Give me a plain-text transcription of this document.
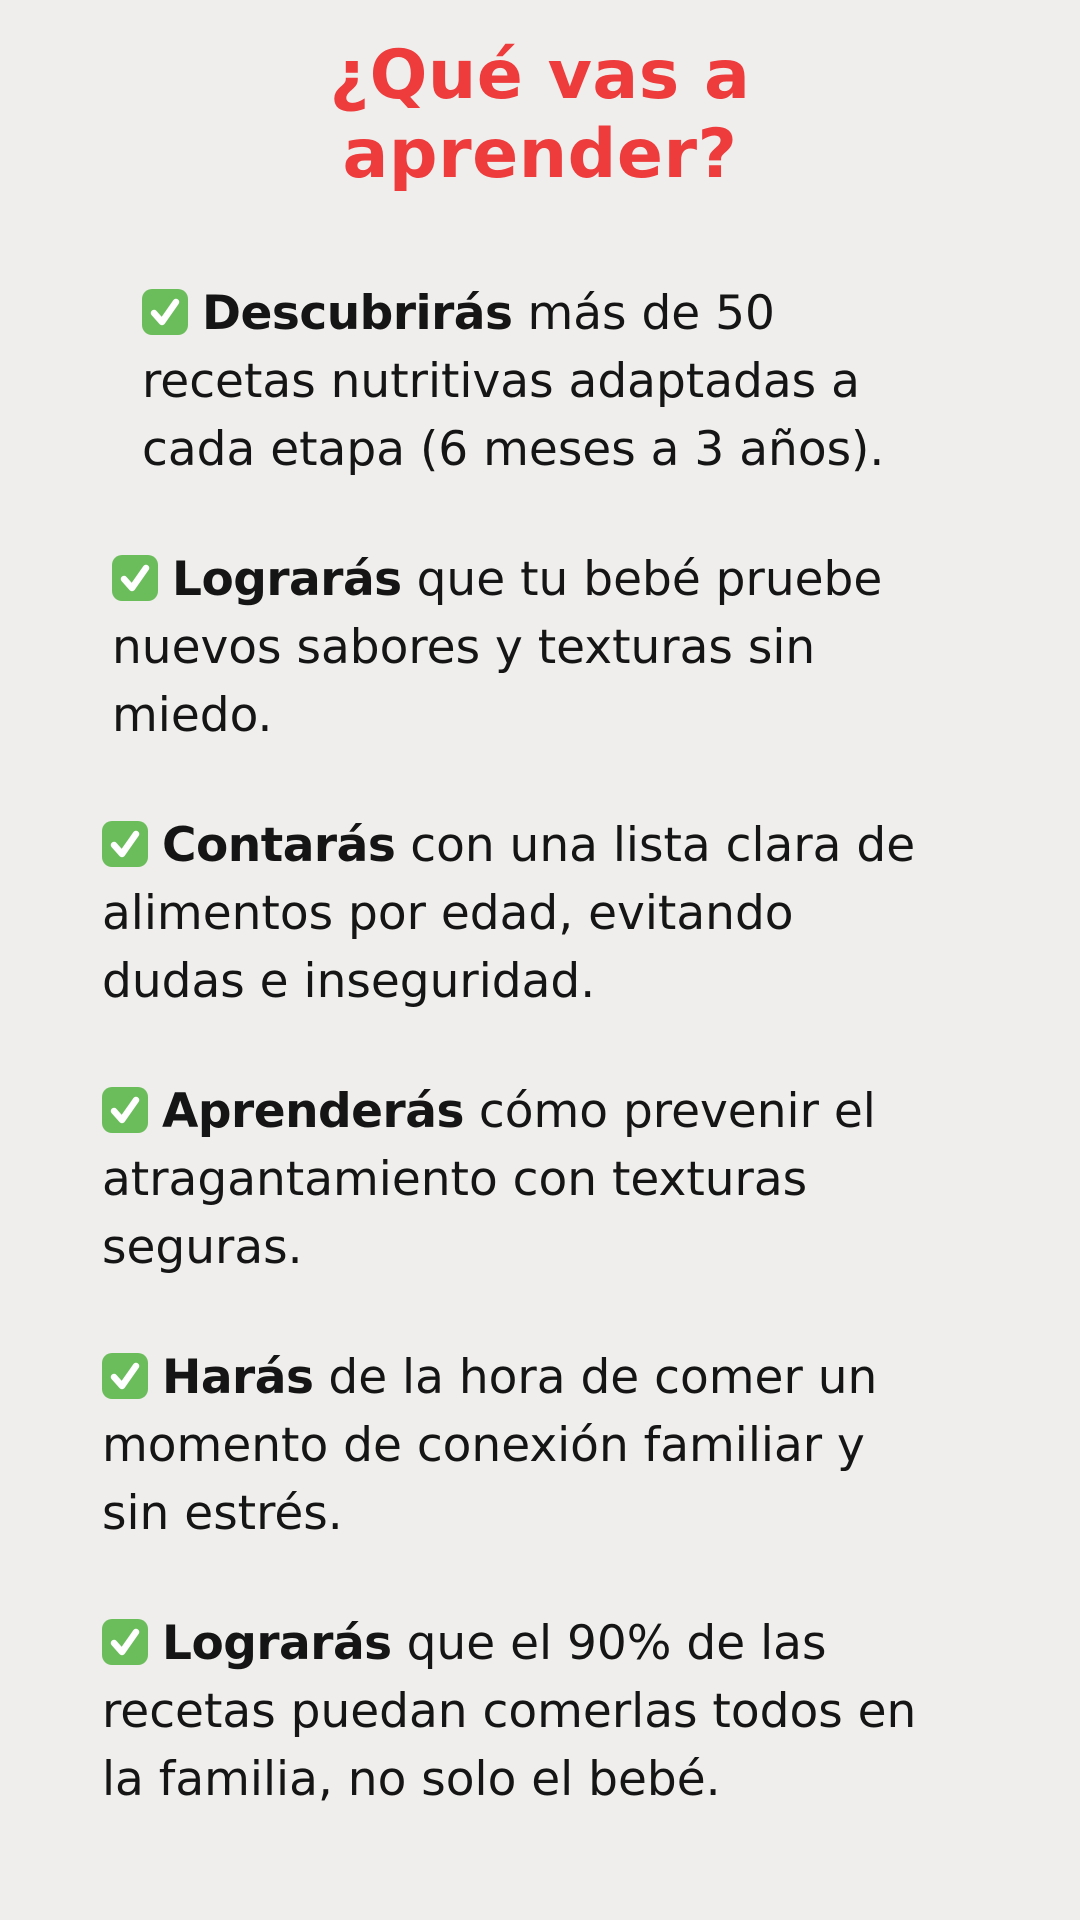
¿Qué vas a
aprender?
Descubrirás más de 50 recetas nutritivas adaptadas a cada etapa (6 meses a 3 años).
Lograrás que tu bebé pruebe nuevos sabores y texturas sin miedo.
Contarás con una lista clara de alimentos por edad, evitando dudas e inseguridad.
Aprenderás cómo prevenir el atragantamiento con texturas seguras.
Harás de la hora de comer un momento de conexión familiar y sin estrés.
Lograrás que el 90% de las recetas puedan comerlas todos en la familia, no solo el bebé.
